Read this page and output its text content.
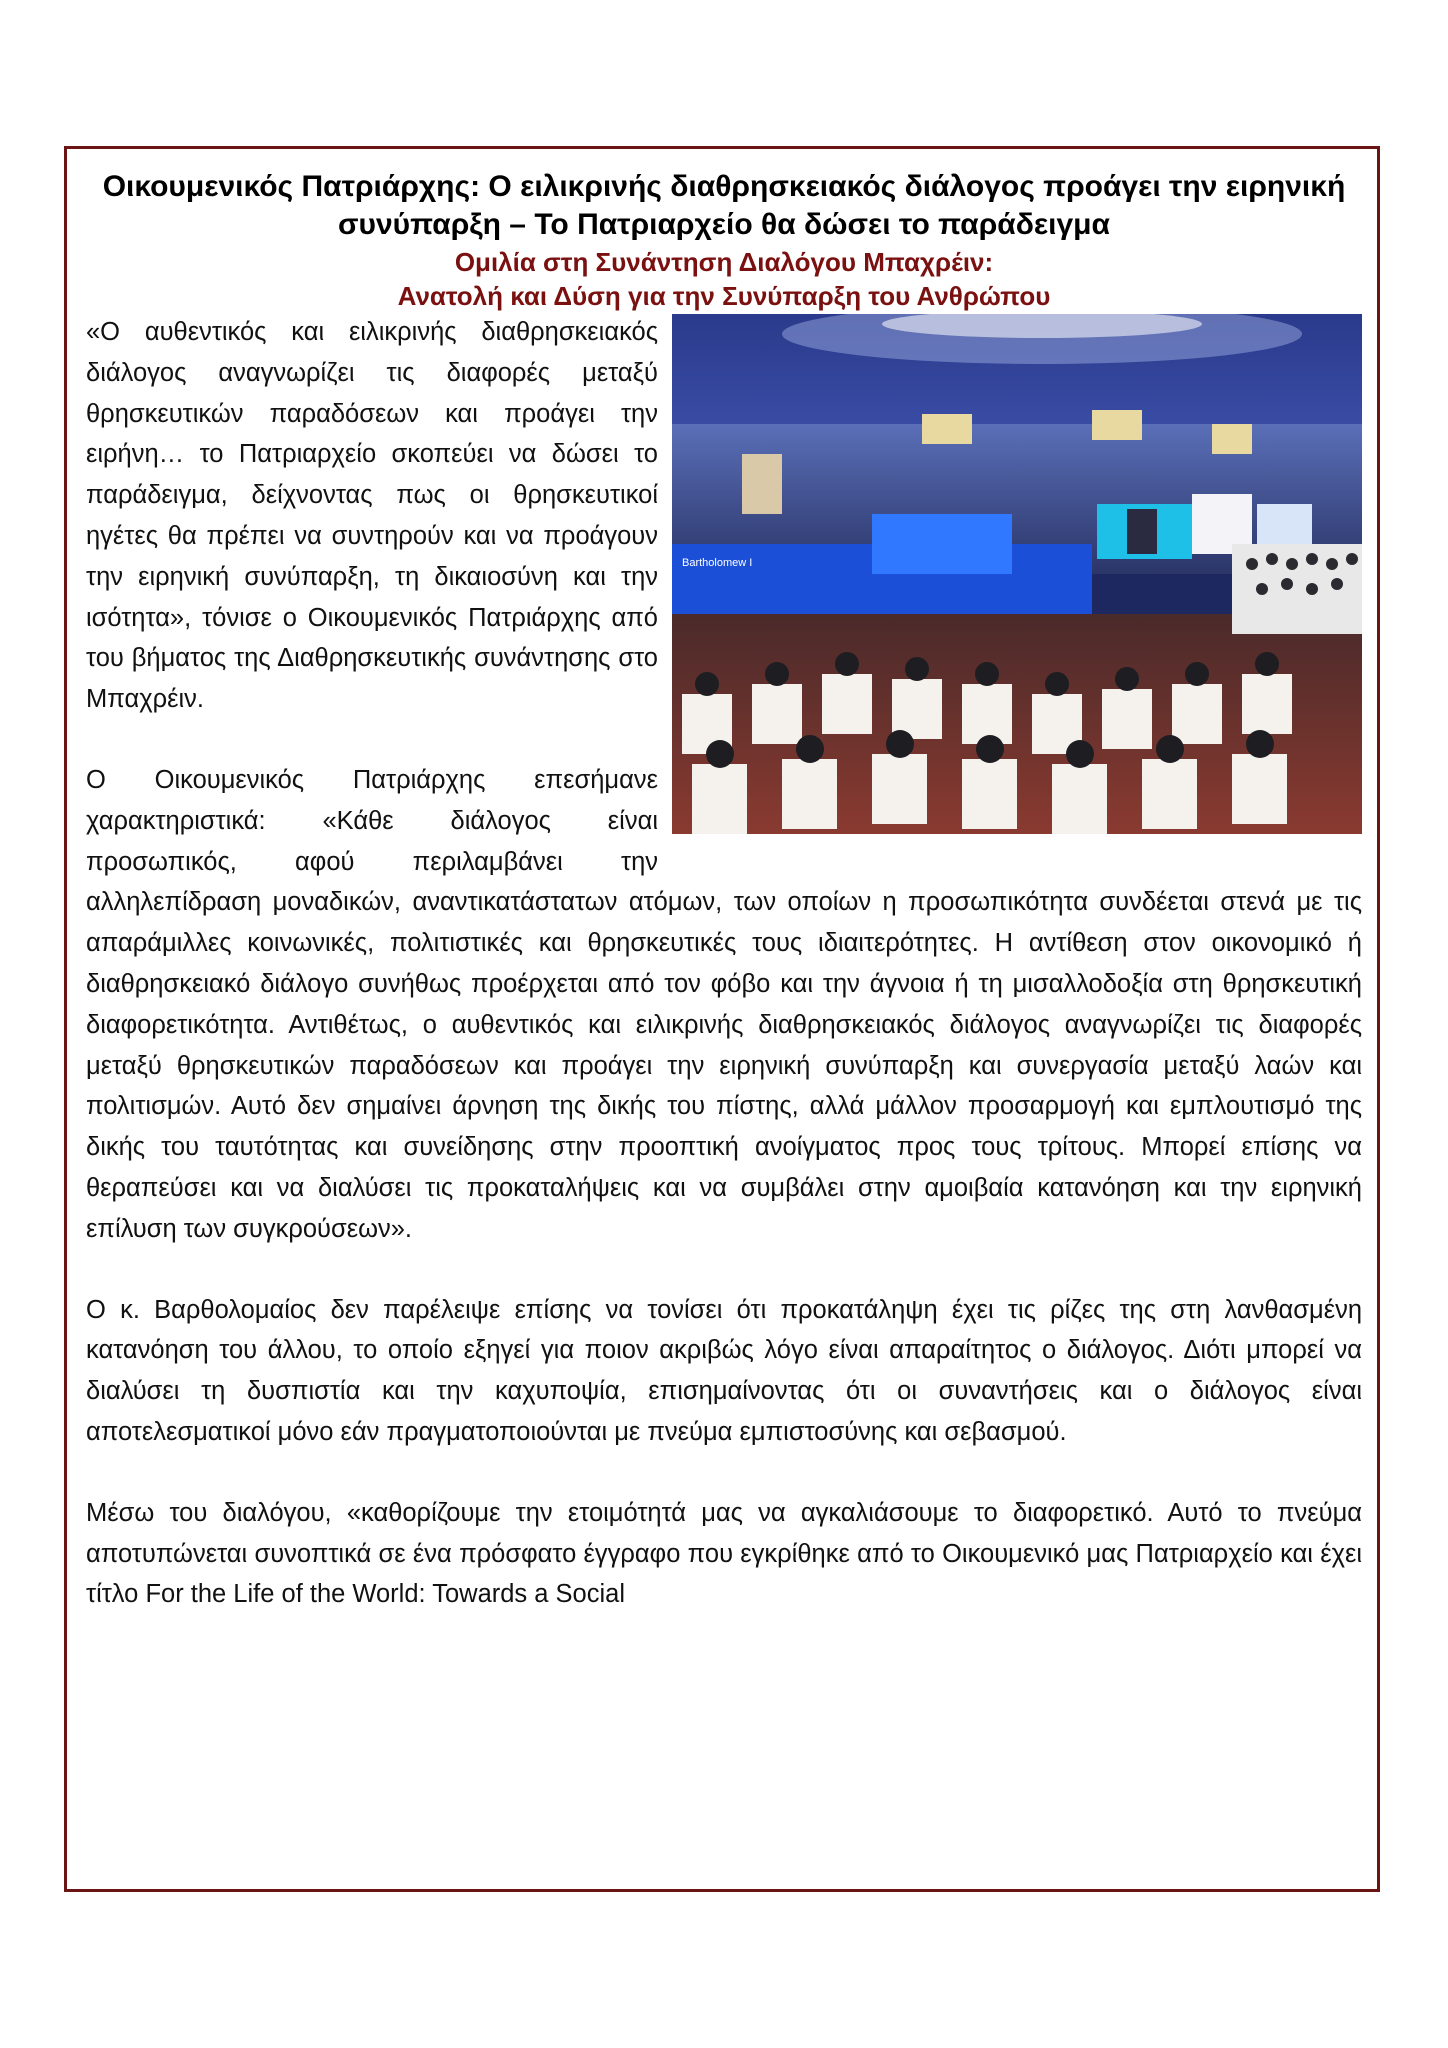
Οικουμενικός Πατριάρχης: Ο ειλικρινής διαθρησκειακός διάλογος προάγει την ειρηνική συνύπαρξη – Το Πατριαρχείο θα δώσει το παράδειγμα
Ομιλία στη Συνάντηση Διαλόγου Μπαχρέιν:
Ανατολή και Δύση για την Συνύπαρξη του Ανθρώπου
Bartholomew I

«Ο αυθεντικός και ειλικρινής διαθρησκειακός διάλογος αναγνωρίζει τις διαφορές μεταξύ θρησκευτικών παραδόσεων και προάγει την ειρήνη… το Πατριαρχείο σκοπεύει να δώσει το παράδειγμα, δείχνοντας πως οι θρησκευτικοί ηγέτες θα πρέπει να συντηρούν και να προάγουν την ειρηνική συνύπαρξη, τη δικαιοσύνη και την ισότητα», τόνισε ο Οικουμενικός Πατριάρχης από του βήματος της Διαθρησκευτικής συνάντησης στο Μπαχρέιν.

Ο Οικουμενικός Πατριάρχης επεσήμανε χαρακτηριστικά: «Κάθε διάλογος είναι προσωπικός, αφού περιλαμβάνει την αλληλεπίδραση μοναδικών, αναντικατάστατων ατόμων, των οποίων η προσωπικότητα συνδέεται στενά με τις απαράμιλλες κοινωνικές, πολιτιστικές και θρησκευτικές τους ιδιαιτερότητες. Η αντίθεση στον οικονομικό ή διαθρησκειακό διάλογο συνήθως προέρχεται από τον φόβο και την άγνοια ή τη μισαλλοδοξία στη θρησκευτική διαφορετικότητα. Αντιθέτως, ο αυθεντικός και ειλικρινής διαθρησκειακός διάλογος αναγνωρίζει τις διαφορές μεταξύ θρησκευτικών παραδόσεων και προάγει την ειρηνική συνύπαρξη και συνεργασία μεταξύ λαών και πολιτισμών. Αυτό δεν σημαίνει άρνηση της δικής του πίστης, αλλά μάλλον προσαρμογή και εμπλουτισμό της δικής του ταυτότητας και συνείδησης στην προοπτική ανοίγματος προς τους τρίτους. Μπορεί επίσης να θεραπεύσει και να διαλύσει τις προκαταλήψεις και να συμβάλει στην αμοιβαία κατανόηση και την ειρηνική επίλυση των συγκρούσεων».

Ο κ. Βαρθολομαίος δεν παρέλειψε επίσης να τονίσει ότι προκατάληψη έχει τις ρίζες της στη λανθασμένη κατανόηση του άλλου, το οποίο εξηγεί για ποιον ακριβώς λόγο είναι απαραίτητος ο διάλογος. Διότι μπορεί να διαλύσει τη δυσπιστία και την καχυποψία, επισημαίνοντας ότι οι συναντήσεις και ο διάλογος είναι αποτελεσματικοί μόνο εάν πραγματοποιούνται με πνεύμα εμπιστοσύνης και σεβασμού.

Μέσω του διαλόγου, «καθορίζουμε την ετοιμότητά μας να αγκαλιάσουμε το διαφορετικό. Αυτό το πνεύμα αποτυπώνεται συνοπτικά σε ένα πρόσφατο έγγραφο που εγκρίθηκε από το Οικουμενικό μας Πατριαρχείο και έχει τίτλο For the Life of the World: Towards a Social
